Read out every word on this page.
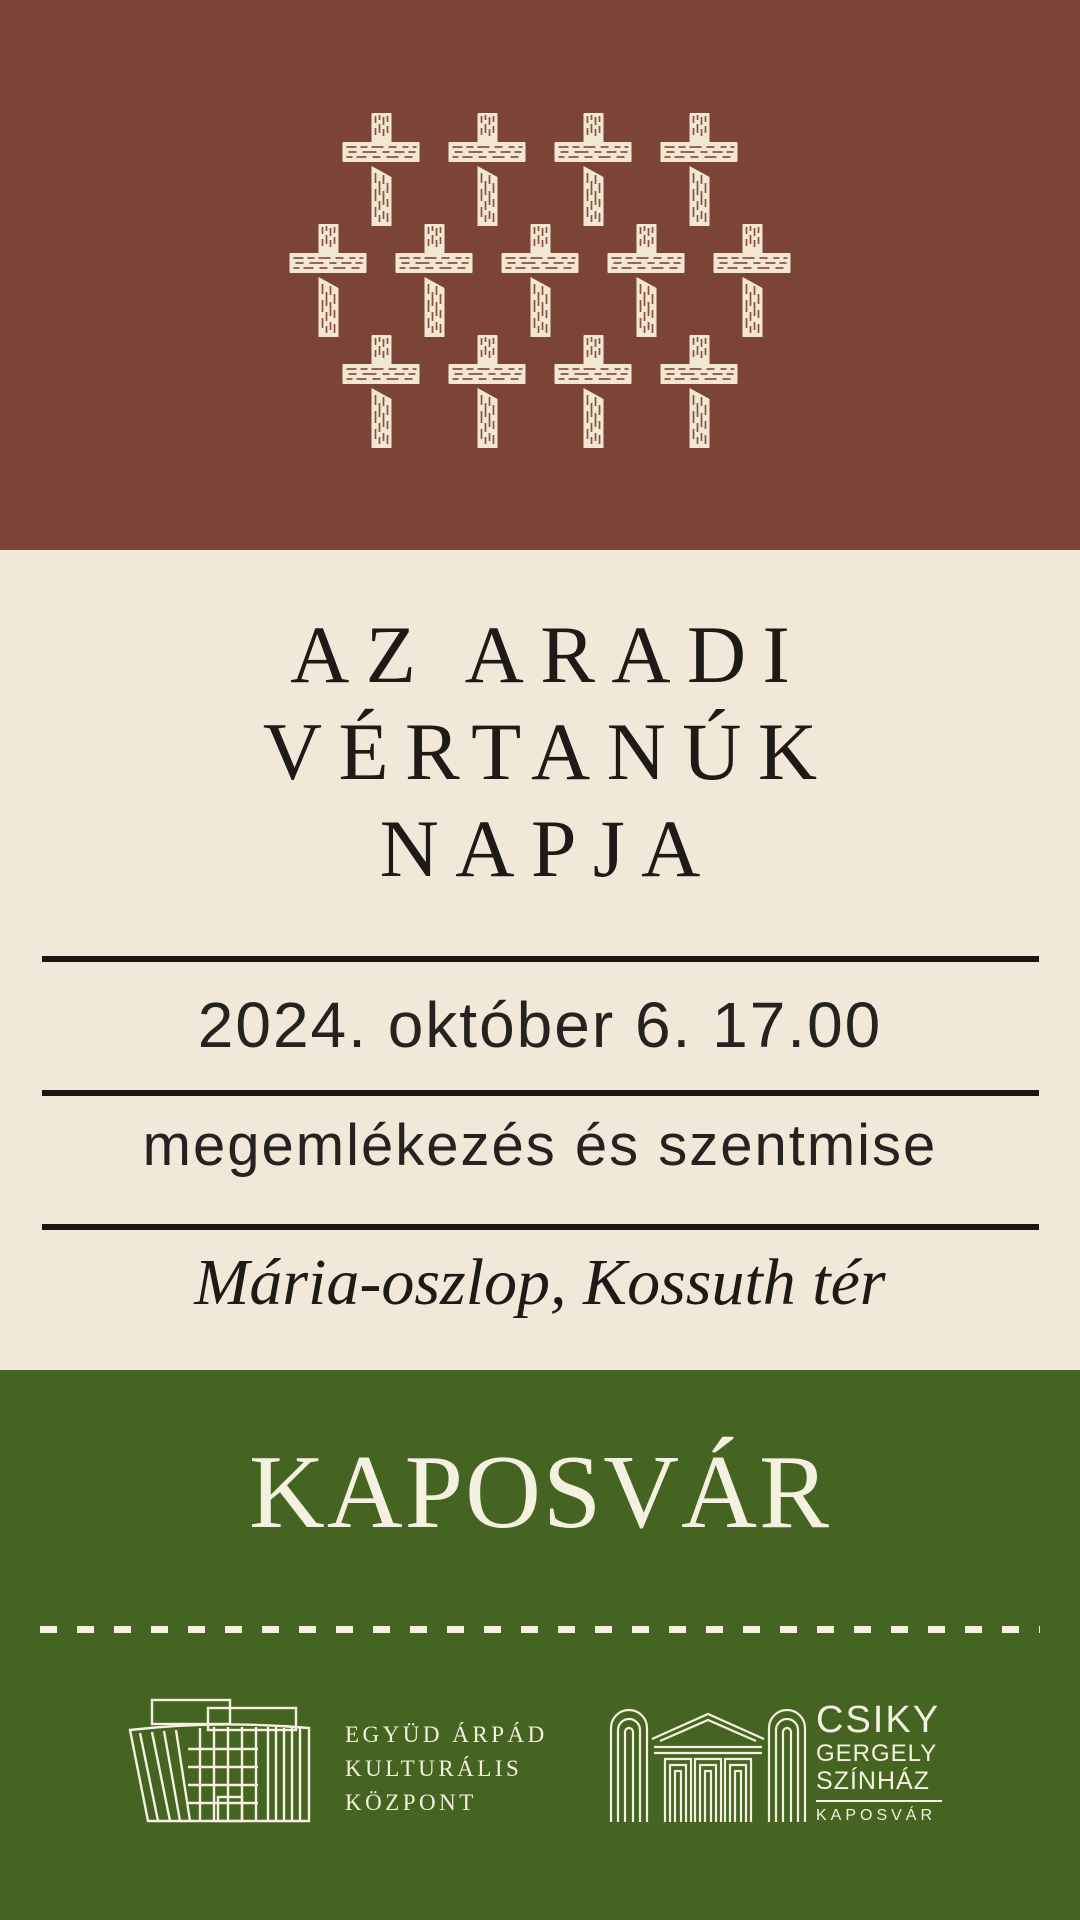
AZ ARADI
VÉRTANÚK
NAPJA
2024. október 6. 17.00
megemlékezés és szentmise
Mária-oszlop, Kossuth tér
KAPOSVÁR
EGYÜD ÁRPÁD
KULTURÁLIS
KÖZPONT
CSIKY
GERGELY
SZÍNHÁZ
KAPOSVÁR
